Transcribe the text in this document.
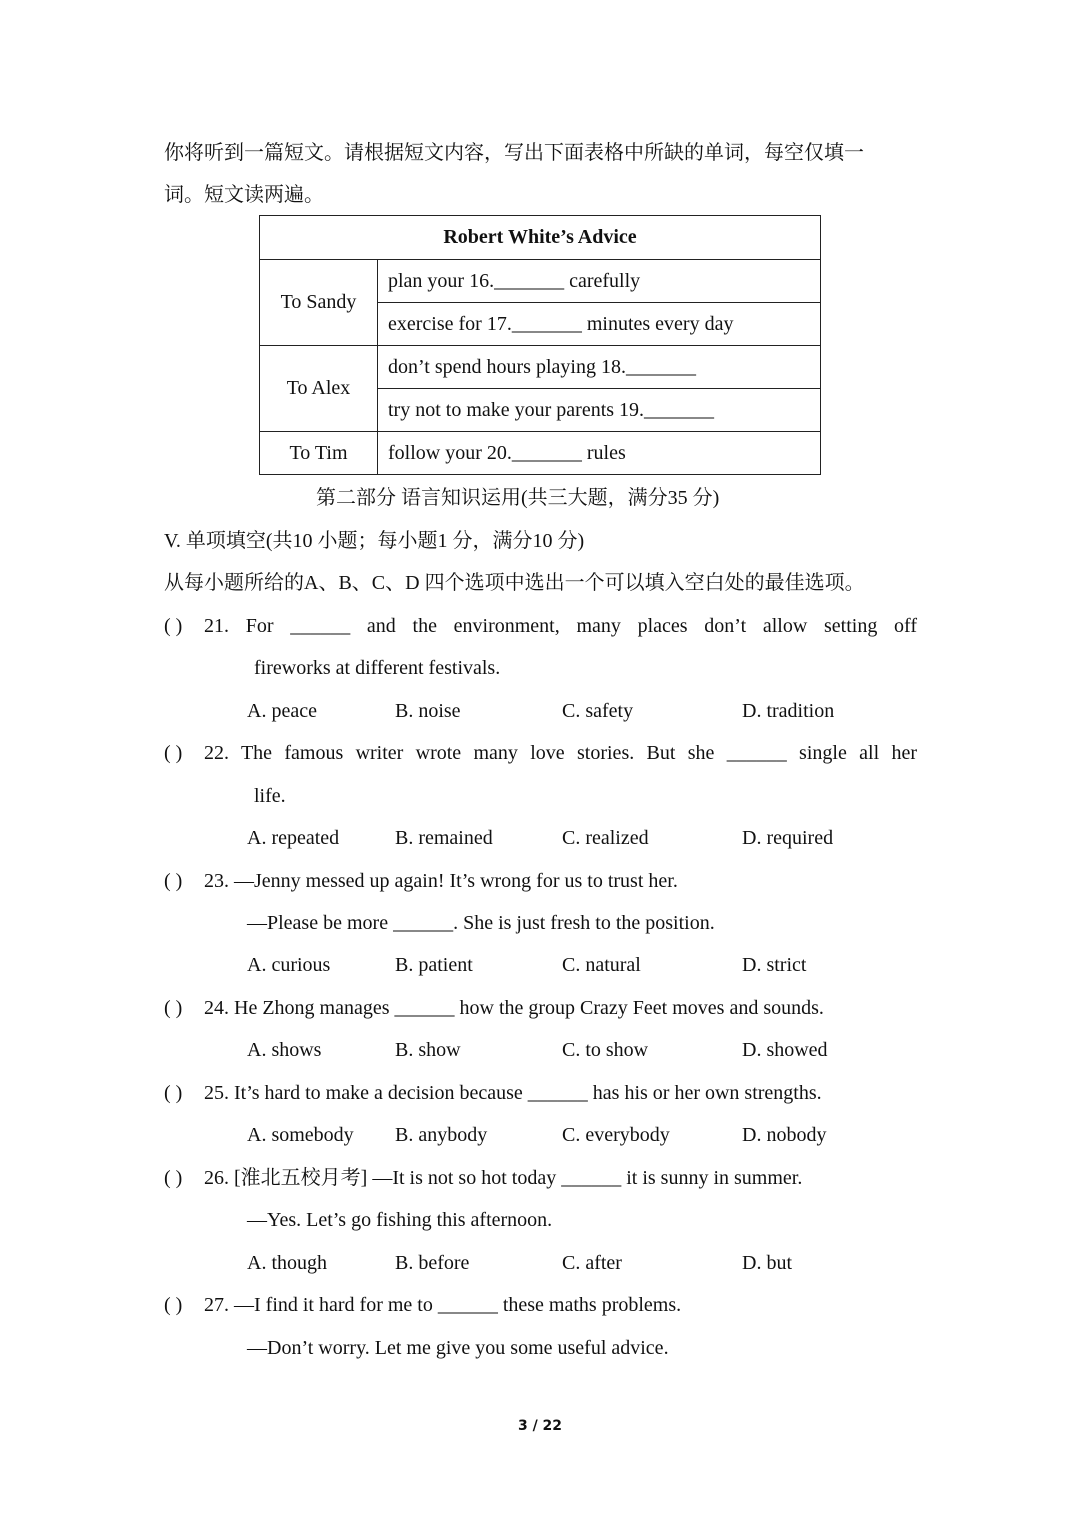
你将听到一篇短文。请根据短文内容，写出下面表格中所缺的单词，每空仅填一
词。短文读两遍。
Robert White’s Advice	
To Sandy	plan your 16._______ carefully
	exercise for 17._______ minutes every day
To Alex	don’t spend hours playing 18._______
	try not to make your parents 19._______
To Tim	follow your 20._______ rules
第二部分 语言知识运用(共三大题，满分35 分)
V. 单项填空(共10 小题；每小题1 分，满分10 分)
从每小题所给的A、B、C、D 四个选项中选出一个可以填入空白处的最佳选项。
( ) 21. For ______ and the environment, many places don’t allow setting off
fireworks at different festivals.
A. peace	B. noise	C. safety	D. tradition
( ) 22. The famous writer wrote many love stories. But she ______ single all her
life.
A. repeated	B. remained	C. realized	D. required
( ) 23. —Jenny messed up again! It’s wrong for us to trust her.
—Please be more ______. She is just fresh to the position.
A. curious	B. patient	C. natural	D. strict
( ) 24. He Zhong manages ______ how the group Crazy Feet moves and sounds.
A. shows	B. show	C. to show	D. showed
( ) 25. It’s hard to make a decision because ______ has his or her own strengths.
A. somebody B. anybody	C. everybody	D. nobody
( ) 26. [淮北五校月考] —It is not so hot today ______ it is sunny in summer.
—Yes. Let’s go fishing this afternoon.
A. though	B. before	C. after	D. but
( ) 27. —I find it hard for me to ______ these maths problems.
—Don’t worry. Let me give you some useful advice.
3 / 22
